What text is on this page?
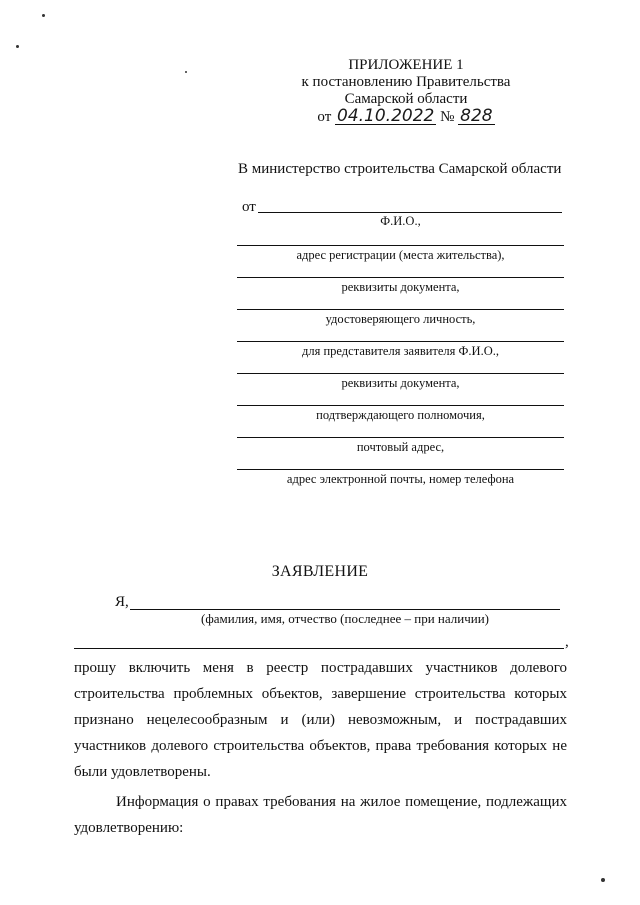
ПРИЛОЖЕНИЕ 1
к постановлению Правительства
Самарской области
от 04.10.2022 № 828
В министерство строительства Самарской области
от
Ф.И.О.,
адрес регистрации (места жительства),
реквизиты документа,
удостоверяющего личность,
для представителя заявителя Ф.И.О.,
реквизиты документа,
подтверждающего полномочия,
почтовый адрес,
адрес электронной почты, номер телефона
ЗАЯВЛЕНИЕ
Я,
(фамилия, имя, отчество (последнее – при наличии)
,
прошу включить меня в реестр пострадавших участников долевого строительства проблемных объектов, завершение строительства которых признано нецелесообразным и (или) невозможным, и пострадавших участников долевого строительства объектов, права требования которых не были удовлетворены.
Информация о правах требования на жилое помещение, подлежащих удовлетворению:
